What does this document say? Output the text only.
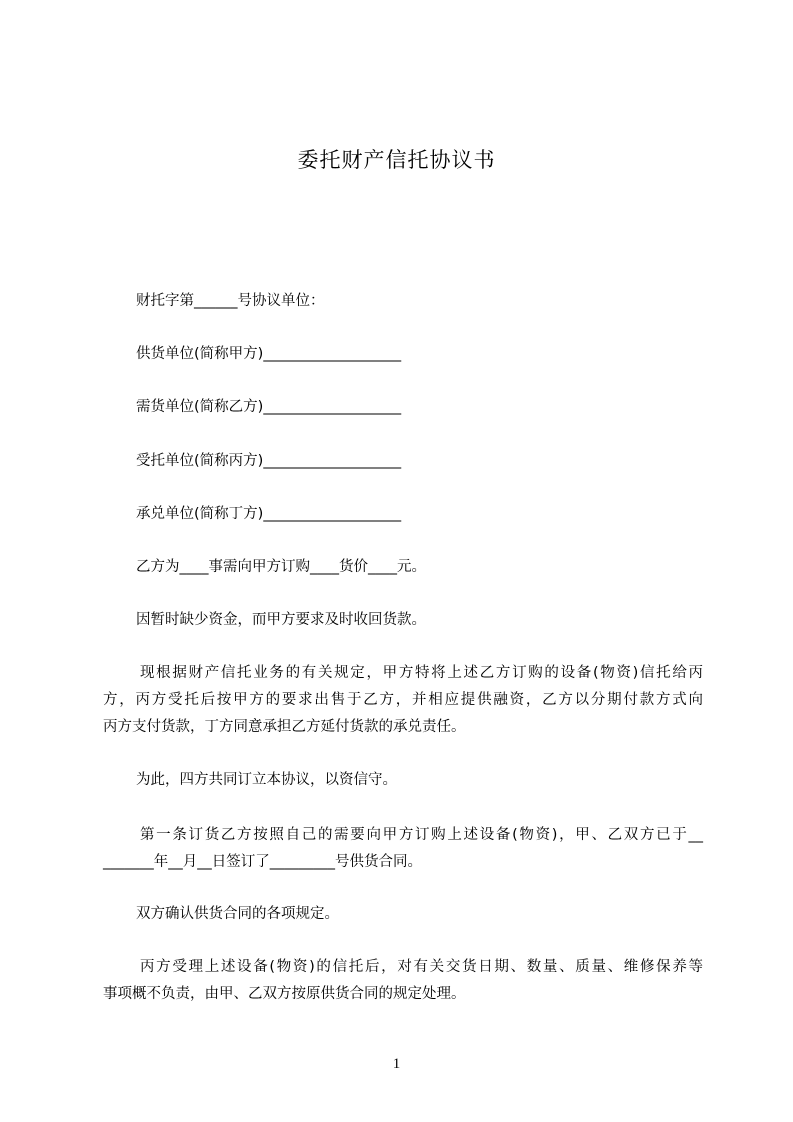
委托财产信托协议书
财托字第______号协议单位：
供货单位(简称甲方)___________________
需货单位(简称乙方)___________________
受托单位(简称丙方)___________________
承兑单位(简称丁方)___________________
乙方为____事需向甲方订购____货价____元。
因暂时缺少资金，而甲方要求及时收回货款。
现根据财产信托业务的有关规定，甲方特将上述乙方订购的设备(物资)信托给丙
方，丙方受托后按甲方的要求出售于乙方，并相应提供融资，乙方以分期付款方式向
丙方支付货款，丁方同意承担乙方延付货款的承兑责任。
为此，四方共同订立本协议，以资信守。
第一条订货乙方按照自己的需要向甲方订购上述设备(物资)，甲、乙双方已于__
_______年__月__日签订了_________号供货合同。
双方确认供货合同的各项规定。
丙方受理上述设备(物资)的信托后，对有关交货日期、数量、质量、维修保养等
事项概不负责，由甲、乙双方按原供货合同的规定处理。
1
